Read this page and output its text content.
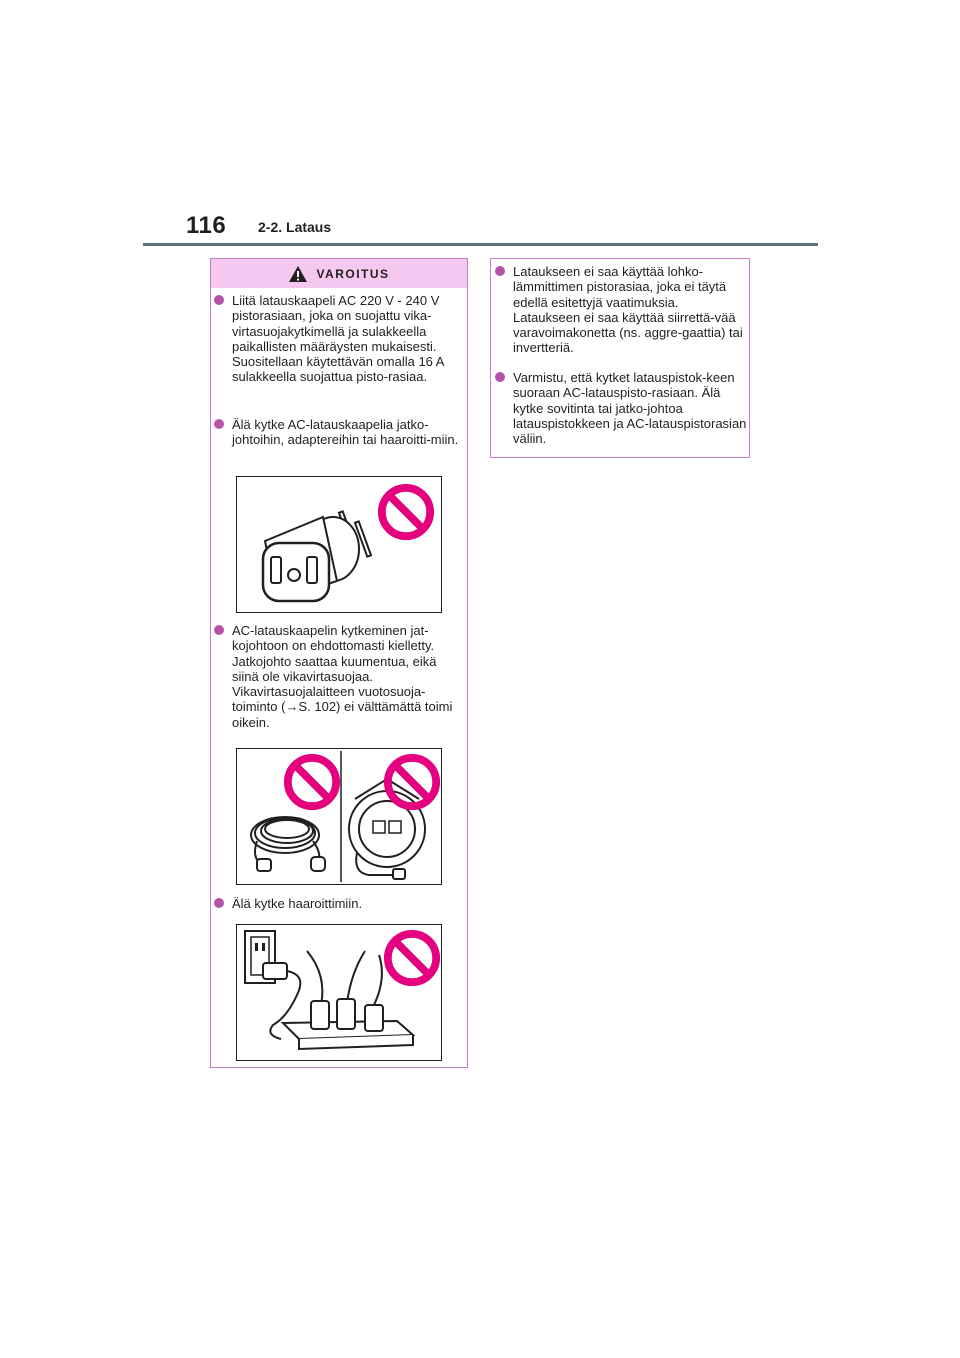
116 2-2. Lataus
VAROITUS
Liitä latauskaapeli AC 220 V - 240 V pistorasiaan, joka on suojattu vika-virtasuojakytkimellä ja sulakkeella paikallisten määräysten mukaisesti. Suositellaan käytettävän omalla 16 A sulakkeella suojattua pisto-rasiaa.
Älä kytke AC-latauskaapelia jatko-johtoihin, adaptereihin tai haaroitti-miin.
AC-latauskaapelin kytkeminen jat-kojohtoon on ehdottomasti kielletty. Jatkojohto saattaa kuumentua, eikä siinä ole vikavirtasuojaa. Vikavirtasuojalaitteen vuotosuoja-toiminto (→S. 102) ei välttämättä toimi oikein.
Älä kytke haaroittimiin.
Lataukseen ei saa käyttää lohko-lämmittimen pistorasiaa, joka ei täytä edellä esitettyjä vaatimuksia. Lataukseen ei saa käyttää siirrettä-vää varavoimakonetta (ns. aggre-gaattia) tai invertteriä.
Varmistu, että kytket latauspistok-keen suoraan AC-latauspisto-rasiaan. Älä kytke sovitinta tai jatko-johtoa latauspistokkeen ja AC-latauspistorasian väliin.
